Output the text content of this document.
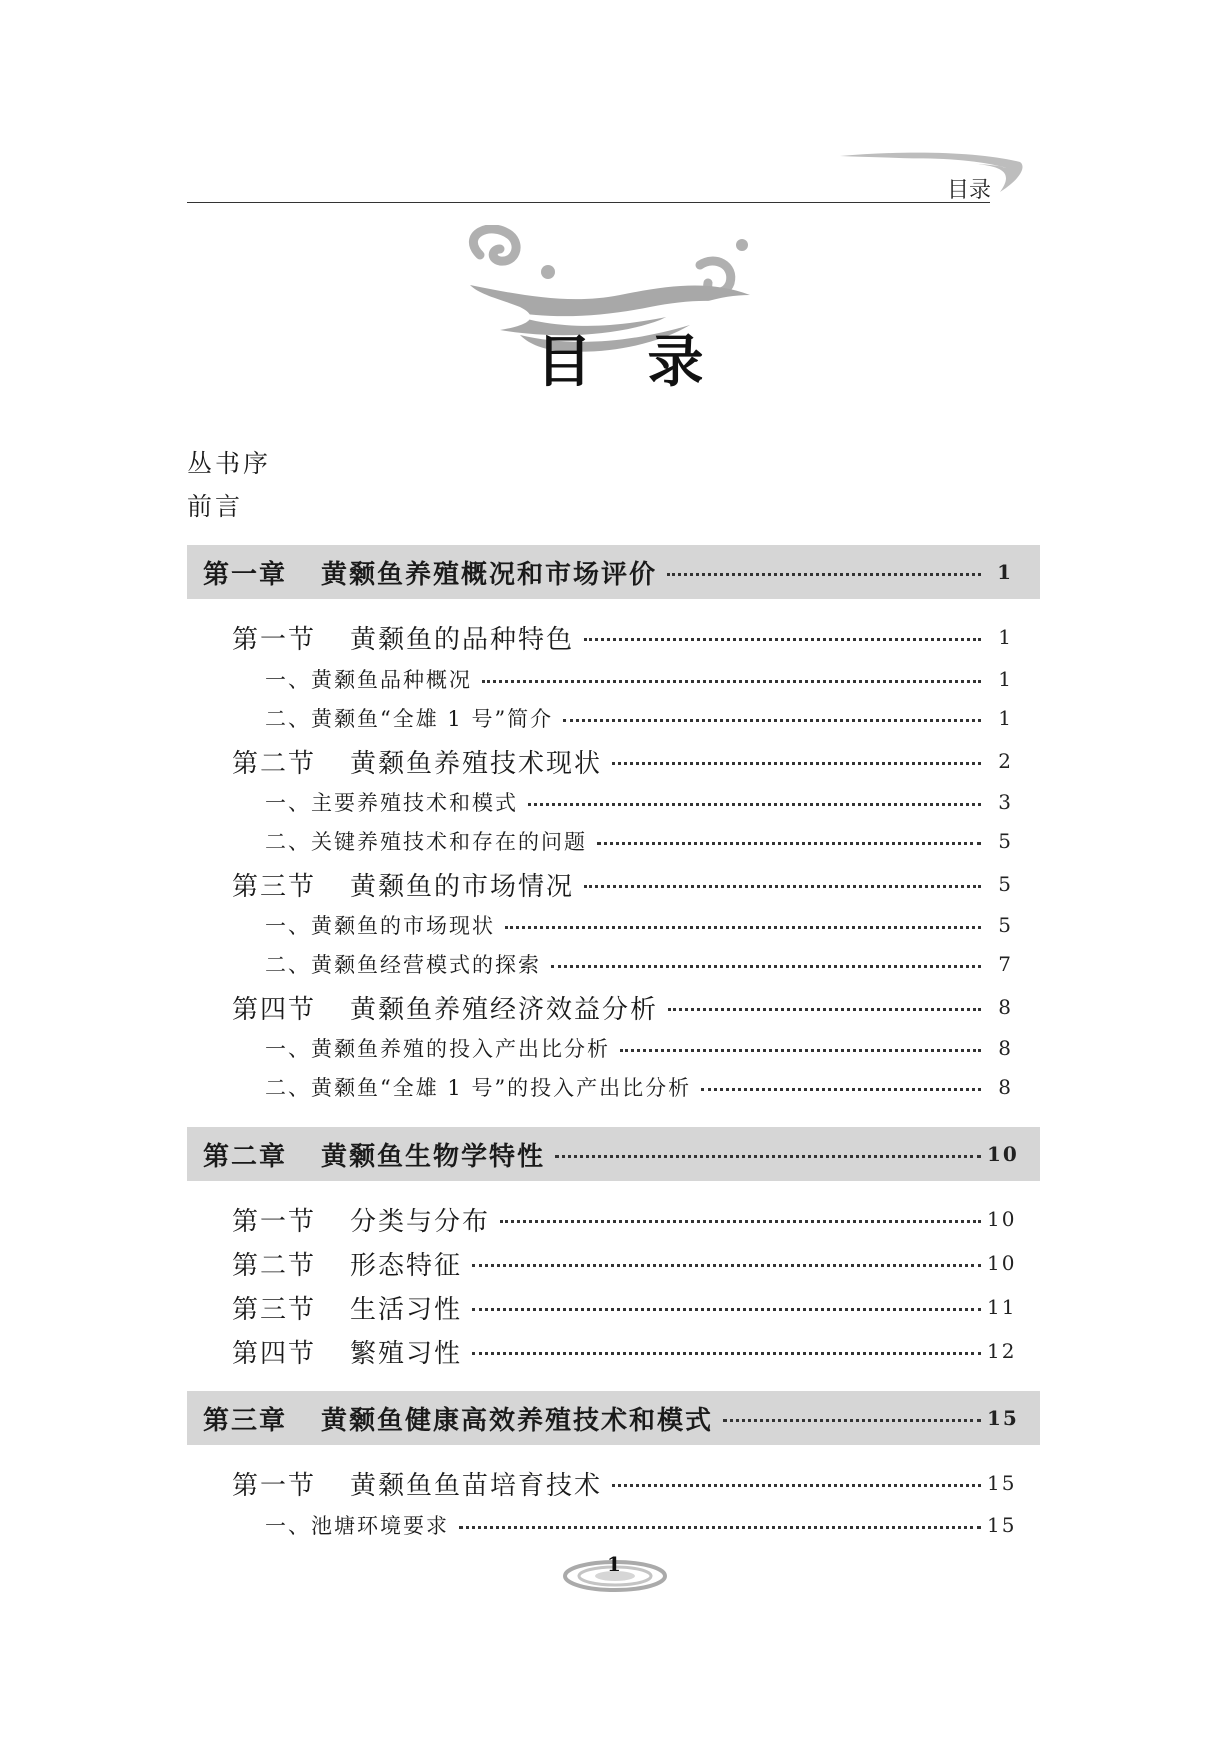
目录
目 录
丛书序
前言
第一章 黄颡鱼养殖概况和市场评价	1
第一节 黄颡鱼的品种特色	1
一、黄颡鱼品种概况	1
二、黄颡鱼“全雄 1 号”简介	1
第二节 黄颡鱼养殖技术现状	2
一、主要养殖技术和模式	3
二、关键养殖技术和存在的问题	5
第三节 黄颡鱼的市场情况	5
一、黄颡鱼的市场现状	5
二、黄颡鱼经营模式的探索	7
第四节 黄颡鱼养殖经济效益分析	8
一、黄颡鱼养殖的投入产出比分析	8
二、黄颡鱼“全雄 1 号”的投入产出比分析	8
第二章 黄颡鱼生物学特性	10
第一节 分类与分布	10
第二节 形态特征	10
第三节 生活习性	11
第四节 繁殖习性	12
第三章 黄颡鱼健康高效养殖技术和模式	15
第一节 黄颡鱼鱼苗培育技术	15
一、池塘环境要求	15
1
